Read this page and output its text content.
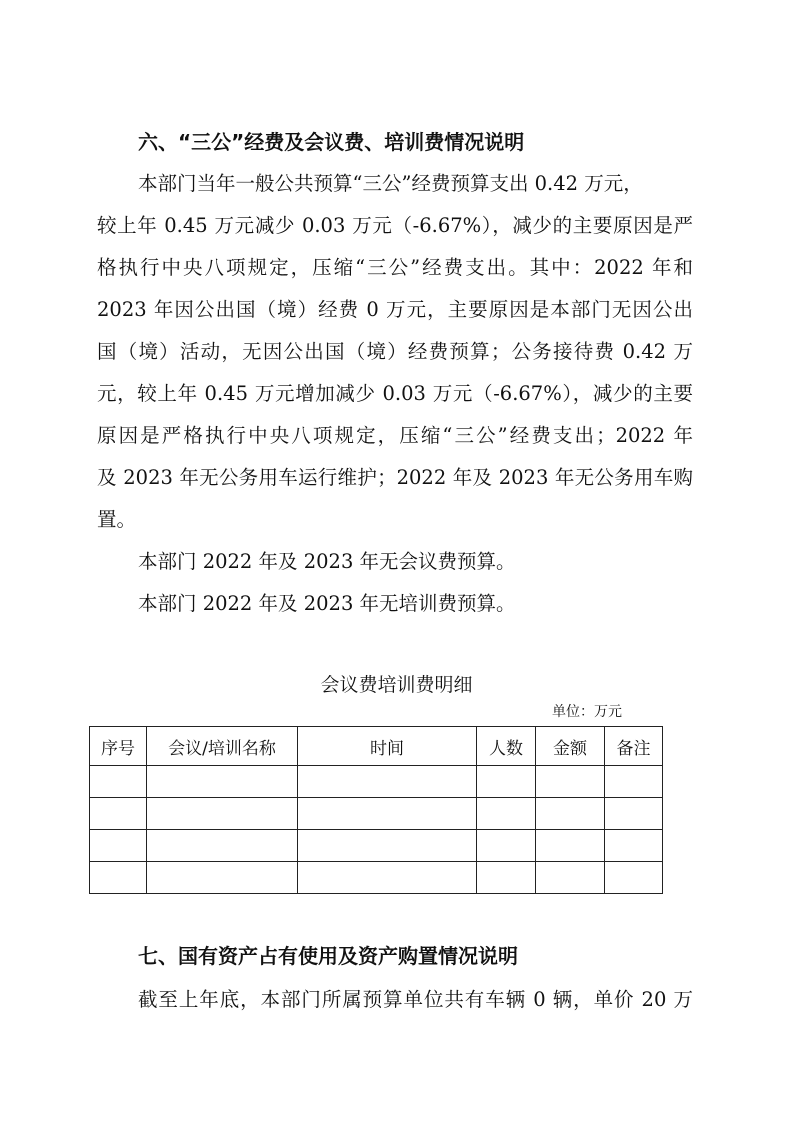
六、“三公”经费及会议费、培训费情况说明
本部门当年一般公共预算“三公”经费预算支出 0.42 万元，
较上年 0.45 万元减少 0.03 万元（-6.67%），减少的主要原因是严
格执行中央八项规定，压缩“三公”经费支出。其中：2022 年和
2023 年因公出国（境）经费 0 万元，主要原因是本部门无因公出
国（境）活动，无因公出国（境）经费预算；公务接待费 0.42 万
元，较上年 0.45 万元增加减少 0.03 万元（-6.67%），减少的主要
原因是严格执行中央八项规定，压缩“三公”经费支出；2022 年
及 2023 年无公务用车运行维护；2022 年及 2023 年无公务用车购
置。
本部门 2022 年及 2023 年无会议费预算。
本部门 2022 年及 2023 年无培训费预算。
会议费培训费明细
单位：万元
序号	会议/培训名称	时间	人数	金额	备注

七、国有资产占有使用及资产购置情况说明
截至上年底，本部门所属预算单位共有车辆 0 辆，单价 20 万
